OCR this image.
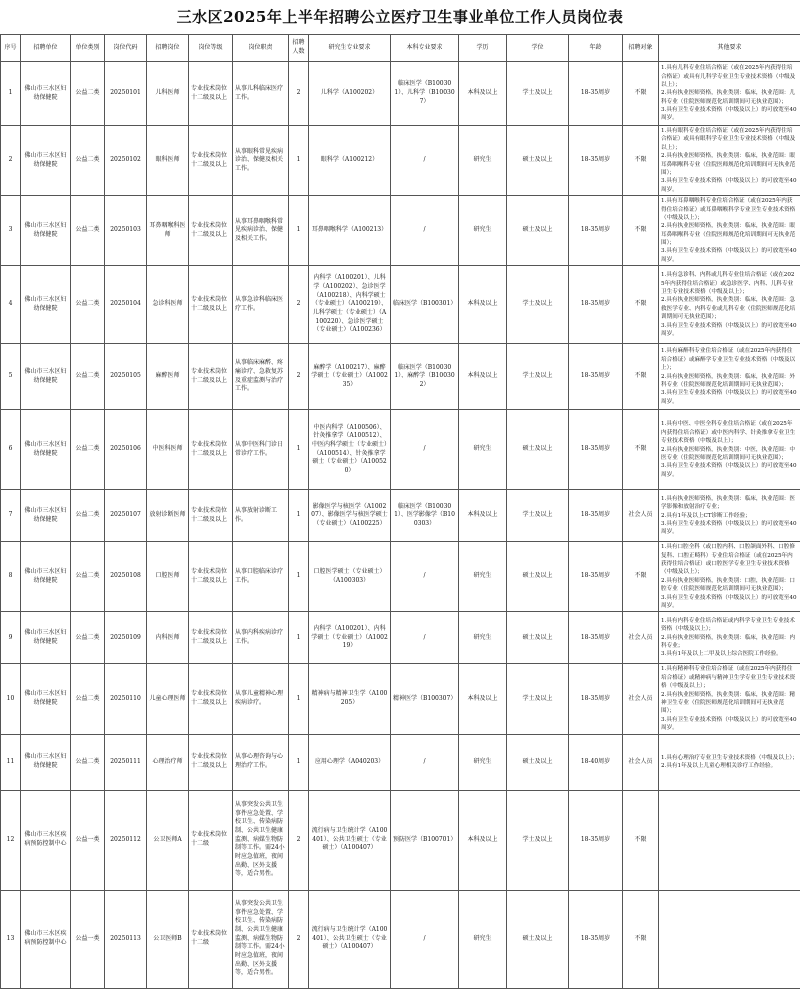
三水区2025年上半年招聘公立医疗卫生事业单位工作人员岗位表
序号	招聘单位	单位类别	岗位代码	招聘岗位	岗位等级	岗位职责	招聘人数	研究生专业要求	本科专业要求	学历	学位	年龄	招聘对象	其他要求
1	佛山市三水区妇幼保健院	公益二类	20250101	儿科医师	专业技术岗位十二级及以上	从事儿科临床医疗工作。	2	儿科学（A100202）	临床医学（B100301）、儿科学（B100307）	本科及以上	学士及以上	18-35周岁	不限	1.具有儿科专业住培合格证（或在2025年内获得住培合格证）或具有儿科学专业卫生专业技术资格（中级及以上）；
2.具有执业医师资格，执业类别：临床，执业范围：儿科专业（住院医师规范化培训期间可无执业范围）；
3.具有卫生专业技术资格（中级及以上）的可放宽至40周岁。
2	佛山市三水区妇幼保健院	公益二类	20250102	眼科医师	专业技术岗位十二级及以上	从事眼科常见疾病诊治、保健及相关工作。	1	眼科学（A100212）	/	研究生	硕士及以上	18-35周岁	不限	1.具有眼科专业住培合格证（或在2025年内获得住培合格证）或具有眼科学专业卫生专业技术资格（中级及以上）；
2.具有执业医师资格，执业类别：临床，执业范围：眼耳鼻咽喉科专业（住院医师规范化培训期间可无执业范围）；
3.具有卫生专业技术资格（中级及以上）的可放宽至40周岁。
3	佛山市三水区妇幼保健院	公益二类	20250103	耳鼻咽喉科医师	专业技术岗位十二级及以上	从事耳鼻咽喉科常见疾病诊治、保健及相关工作。	1	耳鼻咽喉科学（A100213）	/	研究生	硕士及以上	18-35周岁	不限	1.具有耳鼻咽喉科专业住培合格证（或在2025年内获得住培合格证）或耳鼻咽喉科学专业卫生专业技术资格（中级及以上）；
2.具有执业医师资格，执业类别：临床，执业范围：眼耳鼻咽喉科专业（住院医师规范化培训期间可无执业范围）；
3.具有卫生专业技术资格（中级及以上）的可放宽至40周岁。
4	佛山市三水区妇幼保健院	公益二类	20250104	急诊科医师	专业技术岗位十二级及以上	从事急诊科临床医疗工作。	2	内科学（A100201）、儿科学（A100202）、急诊医学（A100218）、内科学硕士（专业硕士）（A100219）、儿科学硕士（专业硕士）（A100220）、急诊医学硕士（专业硕士）（A100236）	临床医学（B100301）	本科及以上	学士及以上	18-35周岁	不限	1.具有急诊科、内科或儿科专业住培合格证（或在2025年内获得住培合格证）或急诊医学、内科、儿科专业卫生专业技术资格（中级及以上）；
2.具有执业医师资格，执业类别：临床，执业范围：急救医学专业、内科专业或儿科专业（住院医师规范化培训期间可无执业范围）；
3.具有卫生专业技术资格（中级及以上）的可放宽至40周岁。
5	佛山市三水区妇幼保健院	公益二类	20250105	麻醉医师	专业技术岗位十二级及以上	从事临床麻醉、疼痛诊疗、急救复苏及重症监测与治疗工作。	2	麻醉学（A100217）、麻醉学硕士（专业硕士）（A100235）	临床医学（B100301）、麻醉学（B100302）	本科及以上	学士及以上	18-35周岁	不限	1.具有麻醉科专业住培合格证（或在2025年内获得住培合格证）或麻醉学专业卫生专业技术资格（中级及以上）；
2.具有执业医师资格，执业类别：临床，执业范围：外科专业（住院医师规范化培训期间可无执业范围）；
3.具有卫生专业技术资格（中级及以上）的可放宽至40周岁。
6	佛山市三水区妇幼保健院	公益二类	20250106	中医科医师	专业技术岗位十二级及以上	从事中医科门诊日常诊疗工作。	1	中医内科学（A100506）、针灸推拿学（A100512）、中医内科学硕士（专业硕士）（A100514）、针灸推拿学硕士（专业硕士）（A100520）	/	研究生	硕士及以上	18-35周岁	不限	1.具有中医、中医全科专业住培合格证（或在2025年内获得住培合格证）或中医内科学、针灸推拿专业卫生专业技术资格（中级及以上）；
2.具有执业医师资格，执业类别：中医，执业范围：中医专业（住院医师规范化培训期间可无执业范围）；
3.具有卫生专业技术资格（中级及以上）的可放宽至40周岁。
7	佛山市三水区妇幼保健院	公益二类	20250107	放射诊断医师	专业技术岗位十二级及以上	从事放射诊断工作。	1	影像医学与核医学（A100207）、影像医学与核医学硕士（专业硕士）（A100225）	临床医学（B100301）、医学影像学（B100303）	本科及以上	学士及以上	18-35周岁	社会人员	1.具有执业医师资格，执业类别：临床，执业范围：医学影像和放射治疗专业；
2.具有1年及以上CT诊断工作经验；
3.具有卫生专业技术资格（中级及以上）的可放宽至40周岁。
8	佛山市三水区妇幼保健院	公益二类	20250108	口腔医师	专业技术岗位十二级及以上	从事口腔临床诊疗工作。	1	口腔医学硕士（专业硕士）（A100303）	/	研究生	硕士及以上	18-35周岁	不限	1.具有口腔全科（或口腔内科、口腔颌面外科、口腔修复科、口腔正畸科）专业住培合格证（或在2025年内获得住培合格证）或口腔医学专业卫生专业技术资格（中级及以上）；
2.具有执业医师资格，执业类别：口腔，执业范围：口腔专业（住院医师规范化培训期间可无执业范围）；
3.具有卫生专业技术资格（中级及以上）的可放宽至40周岁。
9	佛山市三水区妇幼保健院	公益二类	20250109	内科医师	专业技术岗位十二级及以上	从事内科疾病诊疗工作。	1	内科学（A100201）、内科学硕士（专业硕士）（A100219）	/	研究生	硕士及以上	18-35周岁	社会人员	1.具有内科专业住培合格证或内科学专业卫生专业技术资格（中级及以上）；
2.具有执业医师资格，执业类别：临床，执业范围：内科专业；
3.具有1年及以上二甲及以上综合医院工作经验。
10	佛山市三水区妇幼保健院	公益二类	20250110	儿童心理医师	专业技术岗位十二级及以上	从事儿童精神心理疾病诊疗。	1	精神病与精神卫生学（A100205）	精神医学（B100307）	本科及以上	学士及以上	18-35周岁	社会人员	1.具有精神科专业住培合格证（或在2025年内获得住培合格证）或精神病与精神卫生学专业卫生专业技术资格（中级及以上）；
2.具有执业医师资格，执业类别：临床，执业范围：精神卫生专业（住院医师规范化培训期间可无执业范围）；
3.具有卫生专业技术资格（中级及以上）的可放宽至40周岁。
11	佛山市三水区妇幼保健院	公益二类	20250111	心理治疗师	专业技术岗位十二级及以上	从事心理咨询与心理治疗工作。	1	应用心理学（A040203）	/	研究生	硕士及以上	18-40周岁	社会人员	1.具有心理治疗专业卫生专业技术资格（中级及以上）；
2.具有1年及以上儿童心理相关诊疗工作经验。
12	佛山市三水区疾病预防控制中心	公益一类	20250112	公卫医师A	专业技术岗位十二级	从事突发公共卫生事件应急处置、学校卫生、传染病防制、公共卫生健康监测、病媒生物防制等工作。需24小时应急值班，夜间出勤、区外支援等，适合男性。	2	流行病与卫生统计学（A100401）、公共卫生硕士（专业硕士）（A100407）	预防医学（B100701）	本科及以上	学士及以上	18-35周岁	不限	
13	佛山市三水区疾病预防控制中心	公益一类	20250113	公卫医师B	专业技术岗位十二级	从事突发公共卫生事件应急处置、学校卫生、传染病防制、公共卫生健康监测、病媒生物防制等工作。需24小时应急值班，夜间出勤、区外支援等，适合男性。	2	流行病与卫生统计学（A100401）、公共卫生硕士（专业硕士）（A100407）	/	研究生	硕士及以上	18-35周岁	不限	
